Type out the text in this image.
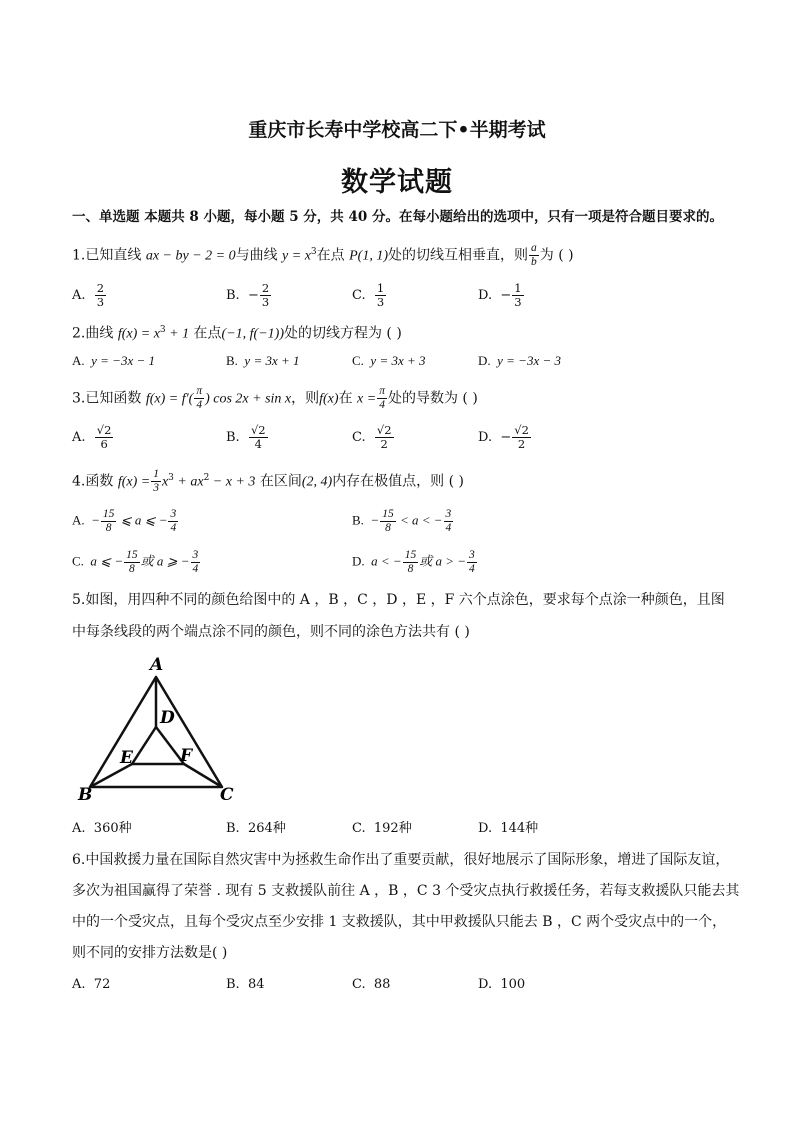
重庆市长寿中学校高二下•半期考试
数学试题
一、单选题 本题共 8 小题，每小题 5 分，共 40 分。在每小题给出的选项中，只有一项是符合题目要求的。
1.已知直线 ax − by − 2 = 0与曲线 $y = x^3$在点 P(1, 1)处的切线互相垂直，则 $\frac{a}{b}$ 为 ( )
A. $\frac{2}{3}$	B. − $\frac{2}{3}$	C. $\frac{1}{3}$	D. − $\frac{1}{3}$
2.曲线 $f(x) = x^3 + 1$ 在点(−1, f(−1))处的切线方程为 ( )
A. y = −3x − 1	B. y = 3x + 1	C. y = 3x + 3	D. y = −3x − 3
3.已知函数 $f(x) = f'( \frac{\pi}{4}$ ) cos 2x + sin x，则f(x)在 $x = \frac{\pi}{4}$ 处的导数为 ( )
A. $\frac{√2}{6}$	B. $\frac{√2}{4}$	C. $\frac{√2}{2}$	D. − $\frac{√2}{2}$
4.函数 $f(x) = \frac{1}{3} x^3 + ax^2 - x + 3$ 在区间(2, 4)内存在极值点，则 ( )
A. − $\frac{15}{8}$ ⩽ a ⩽ − $\frac{3}{4}$	B. − $\frac{15}{8} < a$ < − $\frac{3}{4}$
C. a ⩽ − $\frac{15}{8}$ 或 a ⩾ − $\frac{3}{4}$	D. a < − $\frac{15}{8}$ 或 a > − $\frac{3}{4}$
5.如图，用四种不同的颜色给图中的 A ，B ，C ，D ，E ，F 六个点涂色，要求每个点涂一种颜色，且图
中每条线段的两个端点涂不同的颜色，则不同的涂色方法共有 ( )
A
D
E	F
B	C
A. 360种	B. 264种	C. 192种	D. 144种
6.中国救援力量在国际自然灾害中为拯救生命作出了重要贡献，很好地展示了国际形象，增进了国际友谊，
多次为祖国赢得了荣誉 . 现有 5 支救援队前往 A ，B ，C 3 个受灾点执行救援任务，若每支救援队只能去其
中的一个受灾点，且每个受灾点至少安排 1 支救援队，其中甲救援队只能去 B ，C 两个受灾点中的一个，
则不同的安排方法数是( )
A. 72	B. 84	C. 88	D. 100
